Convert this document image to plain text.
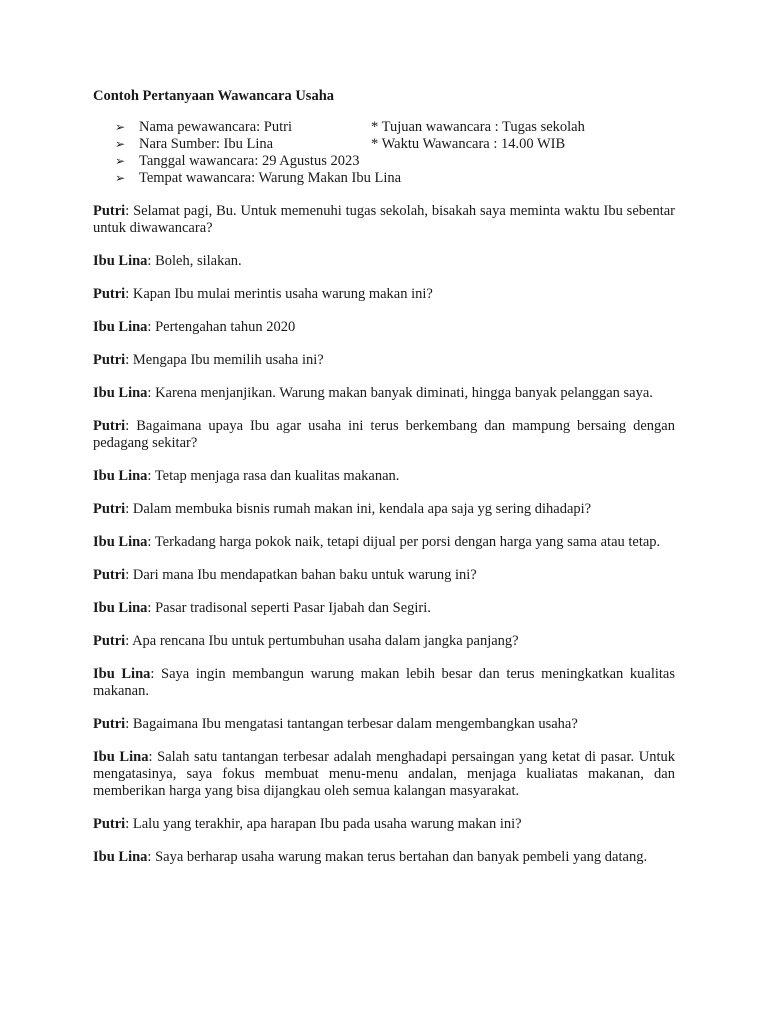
Contoh Pertanyaan Wawancara Usaha
➢ Nama pewawancara: Putri	* Tujuan wawancara : Tugas sekolah
➢ Nara Sumber: Ibu Lina	* Waktu Wawancara : 14.00 WIB
➢ Tanggal wawancara: 29 Agustus 2023
➢ Tempat wawancara: Warung Makan Ibu Lina

Putri: Selamat pagi, Bu. Untuk memenuhi tugas sekolah, bisakah saya meminta waktu Ibu sebentar untuk diwawancara?

Ibu Lina: Boleh, silakan.

Putri: Kapan Ibu mulai merintis usaha warung makan ini?

Ibu Lina: Pertengahan tahun 2020

Putri: Mengapa Ibu memilih usaha ini?

Ibu Lina: Karena menjanjikan. Warung makan banyak diminati, hingga banyak pelanggan saya.

Putri: Bagaimana upaya Ibu agar usaha ini terus berkembang dan mampung bersaing dengan pedagang sekitar?

Ibu Lina: Tetap menjaga rasa dan kualitas makanan.

Putri: Dalam membuka bisnis rumah makan ini, kendala apa saja yg sering dihadapi?

Ibu Lina: Terkadang harga pokok naik, tetapi dijual per porsi dengan harga yang sama atau tetap.

Putri: Dari mana Ibu mendapatkan bahan baku untuk warung ini?

Ibu Lina: Pasar tradisonal seperti Pasar Ijabah dan Segiri.

Putri: Apa rencana Ibu untuk pertumbuhan usaha dalam jangka panjang?

Ibu Lina: Saya ingin membangun warung makan lebih besar dan terus meningkatkan kualitas makanan.

Putri: Bagaimana Ibu mengatasi tantangan terbesar dalam mengembangkan usaha?

Ibu Lina: Salah satu tantangan terbesar adalah menghadapi persaingan yang ketat di pasar. Untuk mengatasinya, saya fokus membuat menu-menu andalan, menjaga kualiatas makanan, dan memberikan harga yang bisa dijangkau oleh semua kalangan masyarakat.

Putri: Lalu yang terakhir, apa harapan Ibu pada usaha warung makan ini?

Ibu Lina: Saya berharap usaha warung makan terus bertahan dan banyak pembeli yang datang.
